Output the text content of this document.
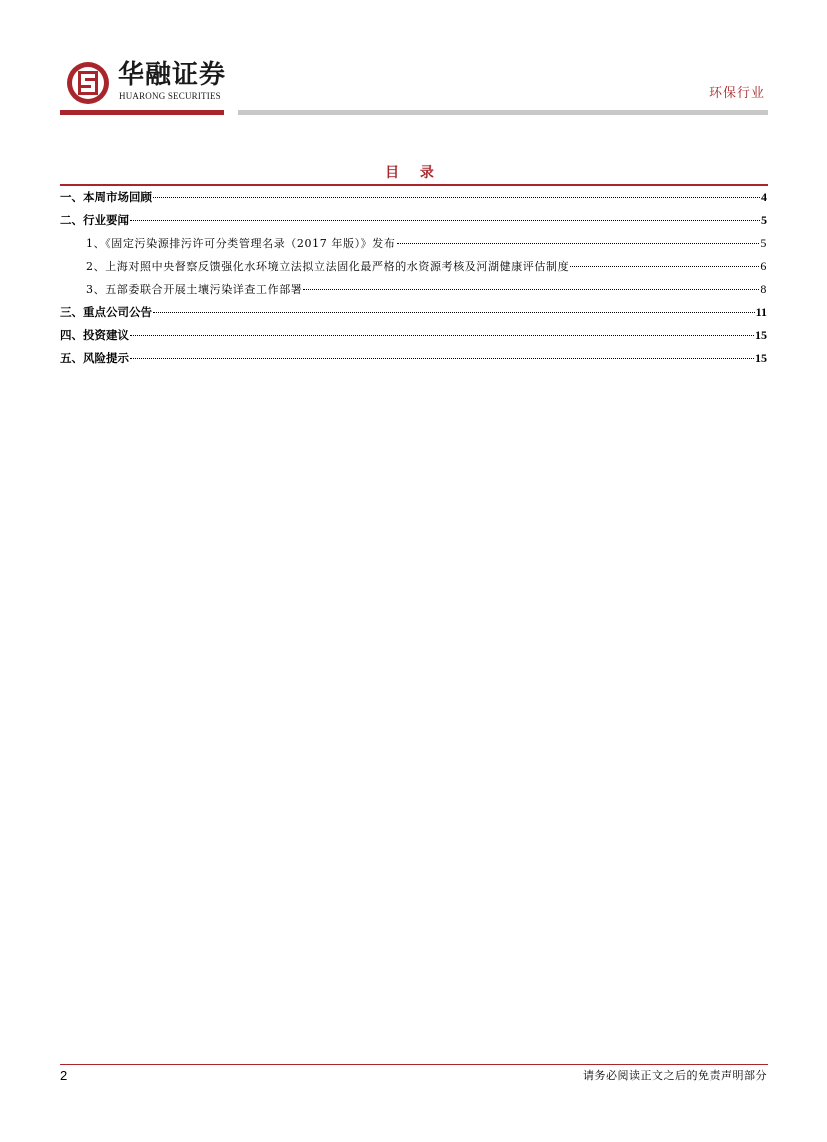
华融证券
HUARONG SECURITIES	环保行业
目 录
一、本周市场回顾	4
二、行业要闻	5
1、《固定污染源排污许可分类管理名录（2017 年版）》发布	5
2、上海对照中央督察反馈强化水环境立法拟立法固化最严格的水资源考核及河湖健康评估制度	6
3、五部委联合开展土壤污染详查工作部署	8
三、重点公司公告	11
四、投资建议	15
五、风险提示	15
2	请务必阅读正文之后的免责声明部分
